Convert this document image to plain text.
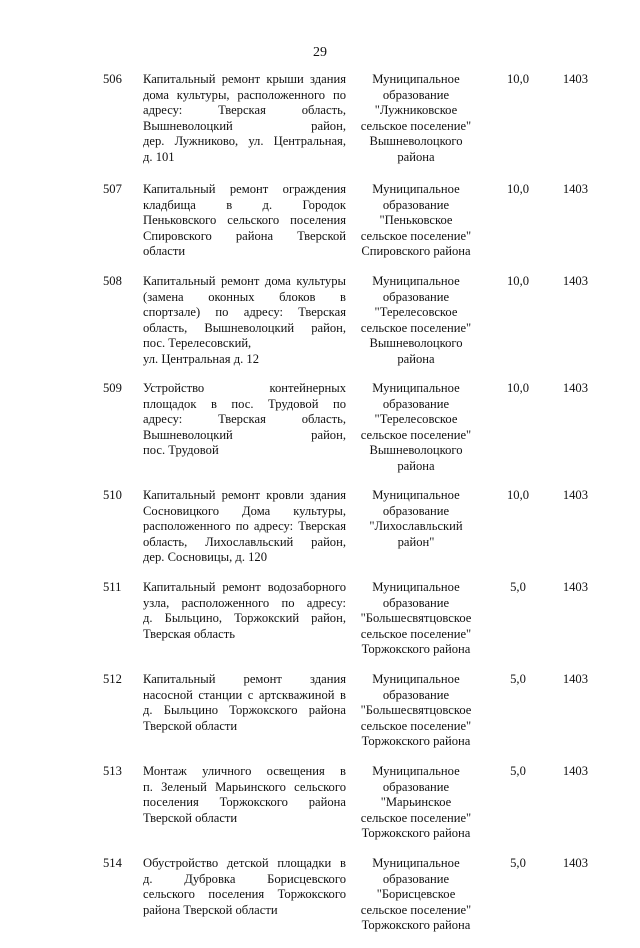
29
506	Капитальный ремонт крыши здания
дома культуры, расположенного по
адресу: Тверская область,
Вышневолоцкий район,
дер. Лужниково, ул. Центральная,
д. 101
Муниципальное
образование
"Лужниковское
сельское поселение"
Вышневолоцкого
района
10,0	1403
507	Капитальный ремонт ограждения
кладбища в д. Городок
Пеньковского сельского поселения
Спировского района Тверской
области
Муниципальное
образование
"Пеньковское
сельское поселение"
Спировского района
10,0	1403
508	Капитальный ремонт дома культуры
(замена оконных блоков в
спортзале) по адресу: Тверская
область, Вышневолоцкий район,
пос. Терелесовский,
ул. Центральная д. 12
Муниципальное
образование
"Терелесовское
сельское поселение"
Вышневолоцкого
района
10,0	1403
509	Устройство контейнерных
площадок в пос. Трудовой по
адресу: Тверская область,
Вышневолоцкий район,
пос. Трудовой
Муниципальное
образование
"Терелесовское
сельское поселение"
Вышневолоцкого
района
10,0	1403
510	Капитальный ремонт кровли здания
Сосновицкого Дома культуры,
расположенного по адресу: Тверская
область, Лихославльский район,
дер. Сосновицы, д. 120
Муниципальное
образование
"Лихославльский
район"
10,0	1403
511	Капитальный ремонт водозаборного
узла, расположенного по адресу:
д. Быльцино, Торжокский район,
Тверская область
Муниципальное
образование
"Большесвятцовское
сельское поселение"
Торжокского района
5,0	1403
512	Капитальный ремонт здания
насосной станции с артскважиной в
д. Быльцино Торжокского района
Тверской области
Муниципальное
образование
"Большесвятцовское
сельское поселение"
Торжокского района
5,0	1403
513	Монтаж уличного освещения в
п. Зеленый Марьинского сельского
поселения Торжокского района
Тверской области
Муниципальное
образование
"Марьинское
сельское поселение"
Торжокского района
5,0	1403
514	Обустройство детской площадки в
д. Дубровка Борисцевского
сельского поселения Торжокского
района Тверской области
Муниципальное
образование
"Борисцевское
сельское поселение"
Торжокского района
5,0	1403
